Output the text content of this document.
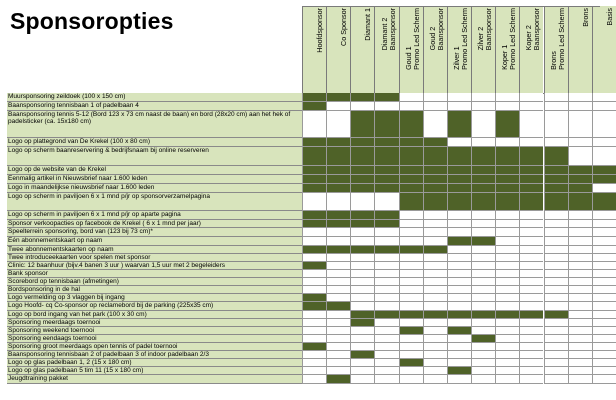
Sponsoropties	Hoofdsponsor Co Sponsor Diamant 1 Diamant 2
Baansponsor
Goud 1
Promo Led Scherm
Goud 2
Baansponsor
Zilver 1
Promo Led Scherm
Zilver 2
Baansponsor
Koper 1
Promo Led Scherm
Koper 2
Baansponsor
Brons
Promo Led Scherm Brons Basis
Muursponsoring zeildoek (100 x 150 cm)
Baansponsoring tennisbaan 1 of padelbaan 4
Baansponsoring tennis 5-12 (Bord 123 x 73 cm naast de baan) en bord (28x20 cm) aan het hek of padelsticker (ca. 15x180 cm)
Logo op plattegrond van De Krekel (100 x 80 cm)
Logo op scherm baanreservering & bedrijfsnaam bij online reserveren
Logo op de website van de Krekel
Eenmalig artikel in Nieuwsbrief naar 1.600 leden
Logo in maandelijkse nieuwsbrief naar 1.600 leden
Logo op scherm in paviljoen 6 x 1 mnd p/jr op sponsorverzamelpagina
Logo op scherm in paviljoen 6 x 1 mnd p/jr op aparte pagina
Sponsor verkoopacties op facebook de Krekel ( 6 x 1 mnd per jaar)
Speelterrein sponsoring, bord van (123 bij 73 cm)*
Eén abonnementskaart op naam
Twee abonnementskaarten op naam
Twee introduceekaarten voor spelen met sponsor
Clinic: 12 baanhuur (bijv.4 banen 3 uur ) waarvan 1,5 uur met 2 begeleiders
Bank sponsor
Scorebord op tennisbaan (afmetingen)
Bordsponsoring in de hal
Logo vermelding op 3 vlaggen bij ingang
Logo Hoofd- cq Co-sponsor op reclamebord bij de parking (225x35 cm)
Logo op bord ingang van het park (100 x 30 cm)
Sponsoring meerdaags toernooi
Sponsoring weekend toernooi
Sponsoring eendaags toernooi
Sponsoring groot meerdaags open tennis of padel toernooi
Baansponsoring tennisbaan 2 of padelbaan 3 of indoor padelbaan 2/3
Logo op glas padelbaan 1, 2 (15 x 180 cm)
Logo op glas padelbaan 5 tim 11 (15 x 180 cm)
Jeugdtraining pakket
